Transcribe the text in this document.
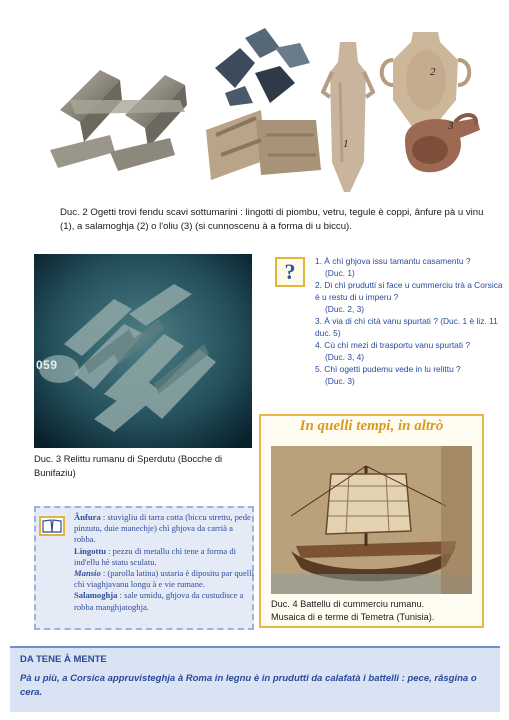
1
2
3
Duc. 2 Ogetti trovi fendu scavi sottumarini : lingotti di piombu, vetru, tegule è coppi, ânfure pà u vinu (1), a salamoghja (2) o l'oliu (3) (si cunnoscenu à a forma di u biccu).
059
Duc. 3 Relittu rumanu di Sperdutu (Bocche di Bunifaziu)
? 1. À chì ghjova issu tamantu casamentu ?
(Duc. 1)
2. Di chì prudutti si face u cummerciu trà a Corsica è u restu di u imperu ?
(Duc. 2, 3)
3. À via di chì cità vanu spurtati ? (Duc. 1 è liz. 11 duc. 5)
4. Cù chì mezi di trasportu vanu spurtati ?
(Duc. 3, 4)
5. Chì ogetti pudemu vede in lu relittu ?
(Duc. 3)
In quelli tempi, in altrò
Duc. 4 Battellu di cummerciu rumanu.
Musaica di e terme di Temetra (Tunisia).

Ânfura : stuvigliu di tarra cotta (biccu strettu, pede pinzutu, duie manechje) chì ghjova da carrià a robba.

Lingottu : pezzu di metallu chì tene a forma di ind'ellu hè statu sculatu.

Mansio : (parolla latina) ustaria è dipositu par quelli chì viaghjavanu longu à e vie rumane.

Salamoghja : sale umidu, ghjova da custudisce a robba manghjatoghja.

DA TENE À MENTE
Pà u più, a Corsica appruvisteghja à Roma in legnu è in prudutti da calafatà i battelli : pece, râsgina o cera.
